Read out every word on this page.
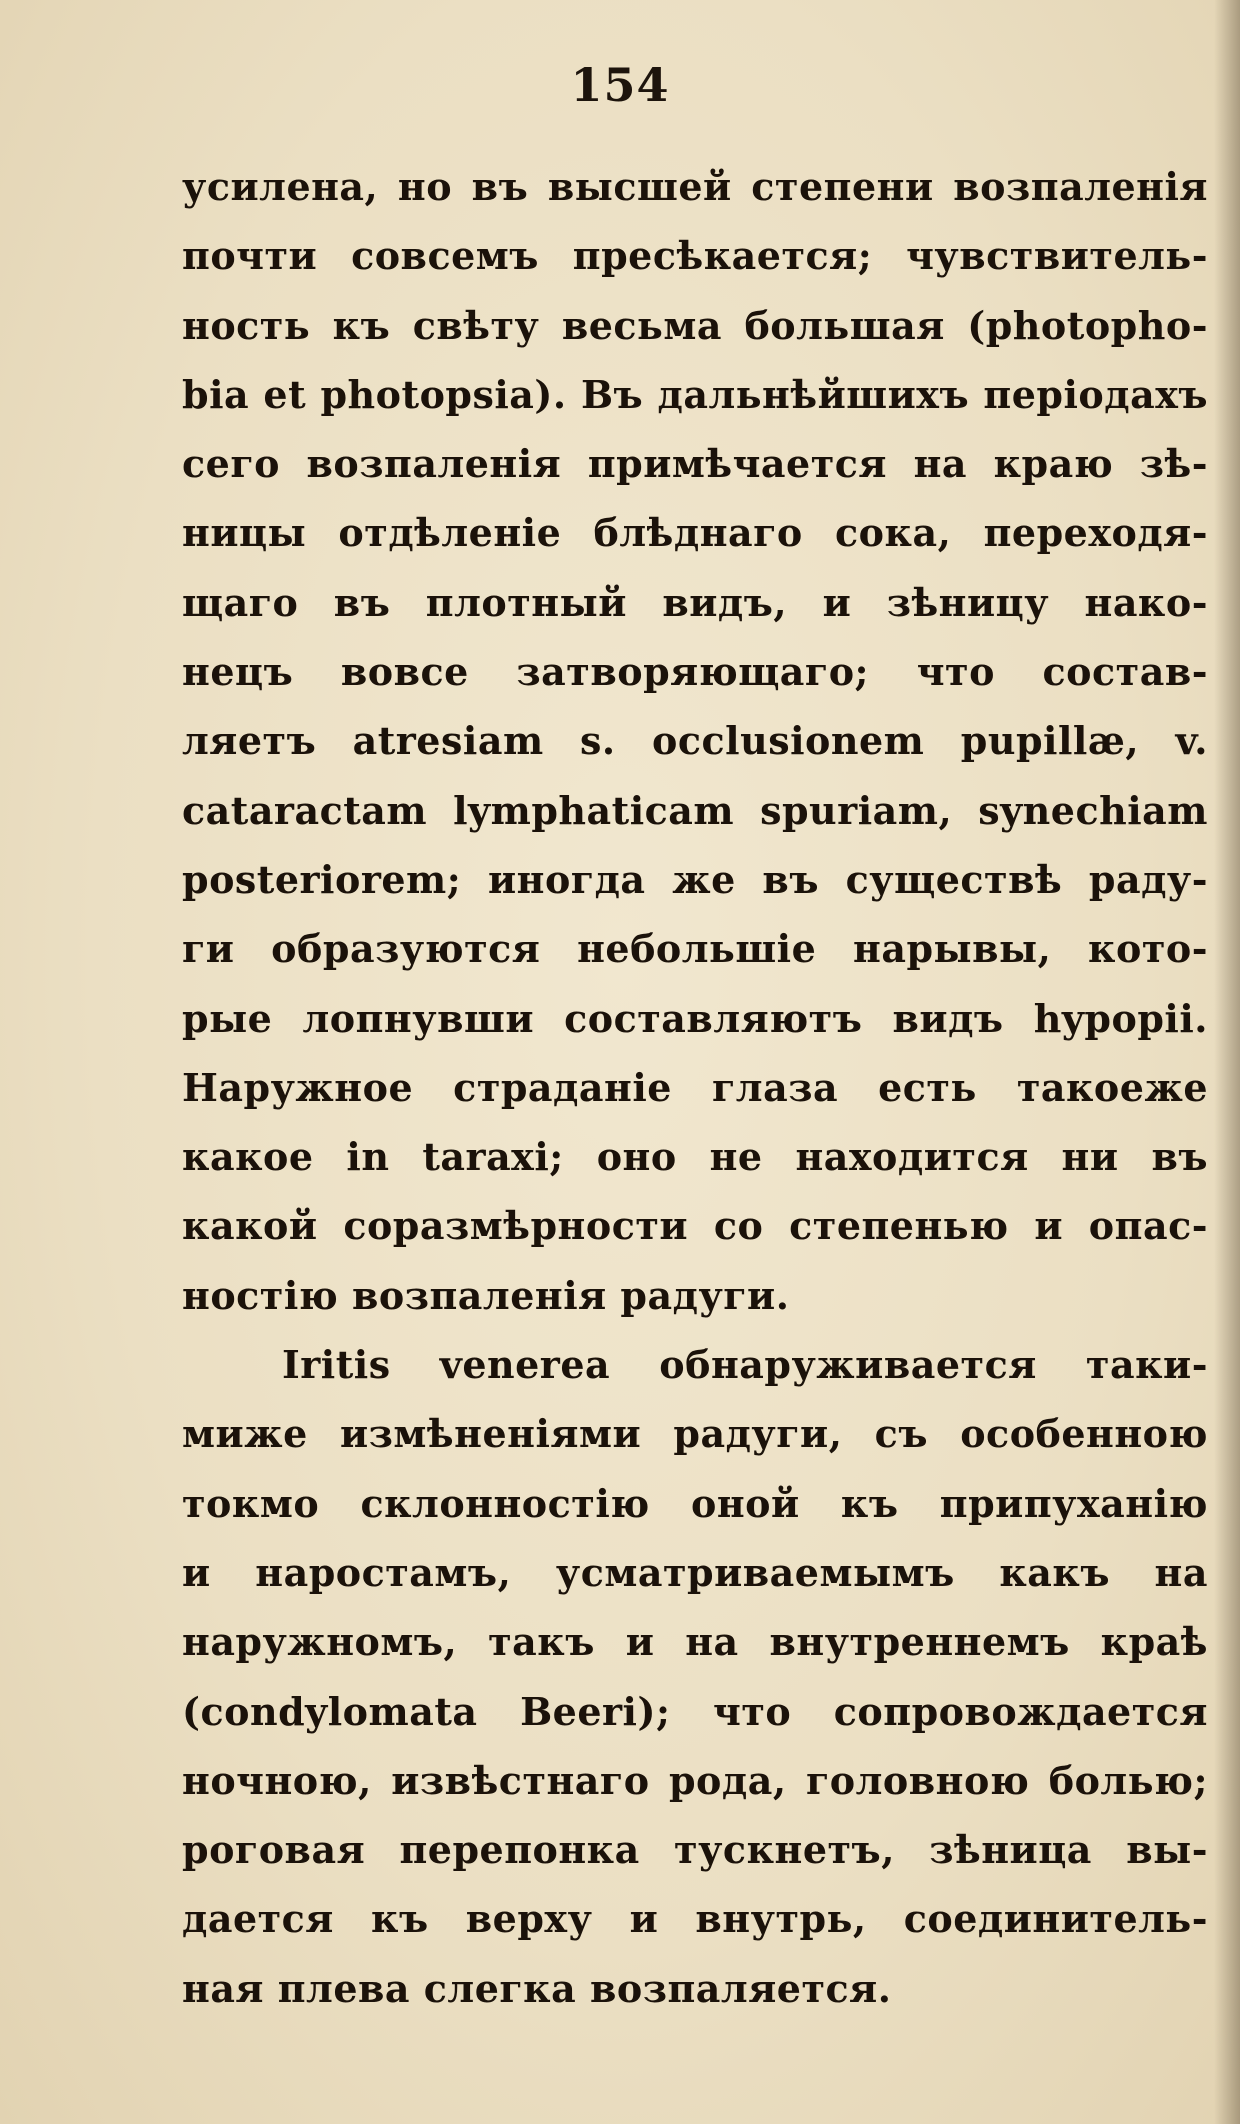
154
усилена, но въ высшей степени возпаленія
почти совсемъ пресѣкается; чувствитель-
ность къ свѣту весьма большая (photopho-
bia et photopsia). Въ дальнѣйшихъ періодахъ
сего возпаленія примѣчается на краю зѣ-
ницы отдѣленіе блѣднаго сока, переходя-
щаго въ плотный видъ, и зѣницу нако-
нецъ вовсе затворяющаго; что состав-
ляетъ atresiam s. occlusionem pupillæ, v.
cataractam lymphaticam spuriam, synechiam
posteriorem; иногда же въ существѣ раду-
ги образуются небольшіе нарывы, кото-
рые лопнувши составляютъ видъ hypopii.
Наружное страданіе глаза есть такоеже
какое in taraxi; оно не находится ни въ
какой соразмѣрности со степенью и опас-
ностію возпаленія радуги.
Iritis venerea обнаруживается таки-
миже измѣненіями радуги, съ особенною
токмо склонностію оной къ припуханію
и наростамъ, усматриваемымъ какъ на
наружномъ, такъ и на внутреннемъ краѣ
(condylomata Beeri); что сопровождается
ночною, извѣстнаго рода, головною болью;
роговая перепонка тускнетъ, зѣница вы-
дается къ верху и внутрь, соединитель-
ная плева слегка возпаляется.
